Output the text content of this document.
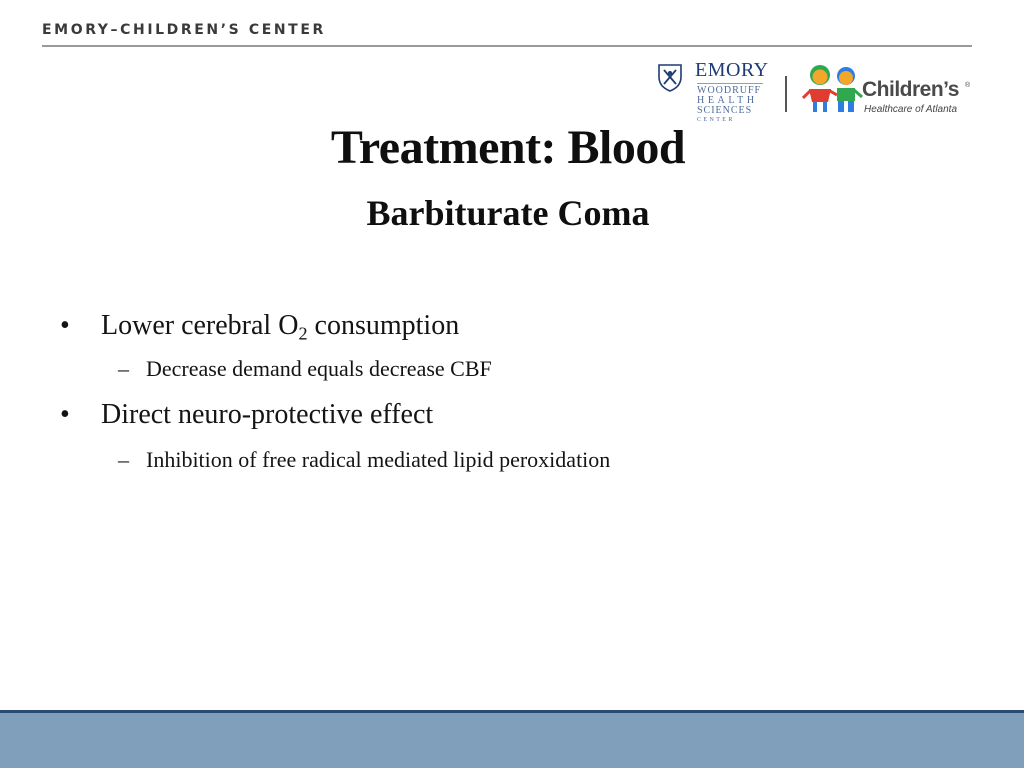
EMORY–CHILDREN’S CENTER
EMORY
WOODRUFF
HEALTH
SCIENCES
CENTER
Children’s ®
Healthcare of Atlanta
Treatment: Blood
Barbiturate Coma
• Lower cerebral $O_2$ consumption
– Decrease demand equals decrease CBF
• Direct neuro-protective effect
– Inhibition of free radical mediated lipid peroxidation
